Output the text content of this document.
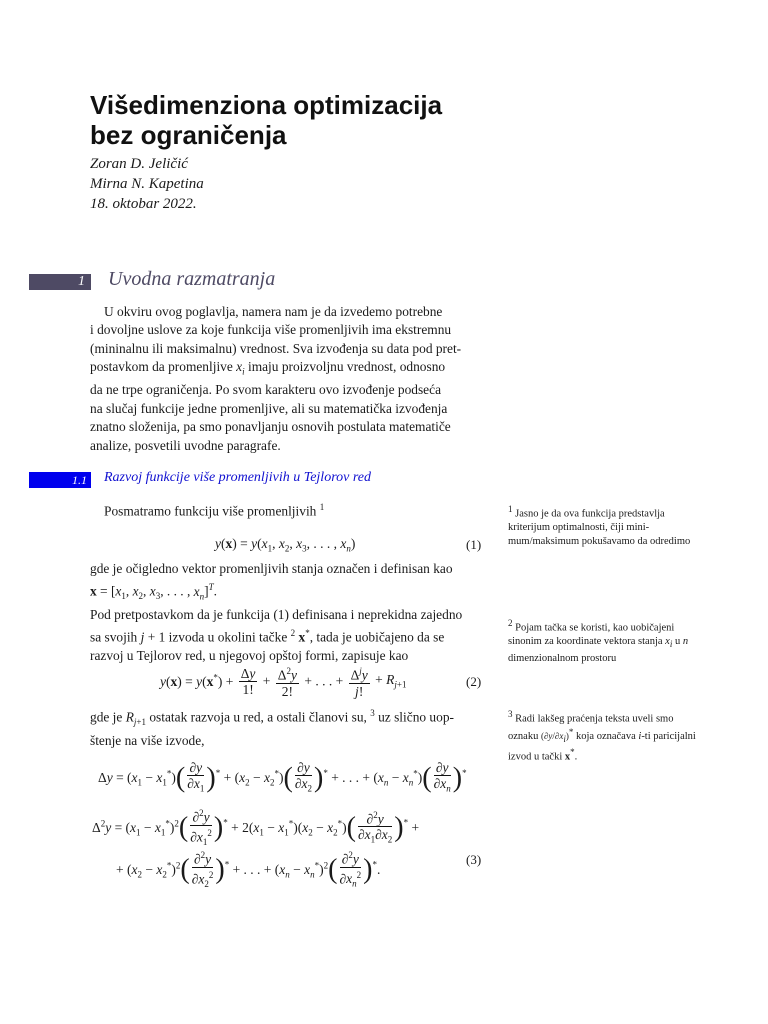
Višedimenziona optimizacija
bez ograničenja
Zoran D. Jeličić
Mirna N. Kapetina
18. oktobar 2022.
1	Uvodna razmatranja
U okviru ovog poglavlja, namera nam je da izvedemo potrebne
i dovoljne uslove za koje funkcija više promenljivih ima ekstremnu
(mininalnu ili maksimalnu) vrednost. Sva izvođenja su data pod pret-
postavkom da promenljive $x_i$ imaju proizvoljnu vrednost, odnosno
da ne trpe ograničenja. Po svom karakteru ovo izvođenje podseća
na slučaj funkcije jedne promenljive, ali su matematička izvođenja
znatno složenija, pa smo ponavljanju osnovih postulata matematiče
analize, posvetili uvodne paragrafe.
1.1 Razvoj funkcije više promenljivih u Tejlorov red
Posmatramo funkciju više promenljivih $^1$
$y(x) = y(x_1$, $x_2$, $x_3$, . . . , $x_n$)	(1)
gde je očigledno vektor promenljivih stanja označen i definisan kao
$x = [x_1$, $x_2$, $x_3$, . . . , $x_n]^T$.
Pod pretpostavkom da je funkcija (1) definisana i neprekidna zajedno
sa svojih j + 1 izvoda u okolini tačke $^2$ x*, tada je uobičajeno da se
razvoj u Tejlorov red, u njegovoj opštoj formi, zapisuje kao
$y(x) = y(x^*) + \frac{\Delta y}{1!} + \frac{\Delta^2y}{2!}$ + . . . + $\frac{\Delta^jy}{j!} + R_{j+1}$	(2)
gde je $R_{j+1}$ ostatak razvoja u red, a ostali članovi su, $^3$ uz slično uop-
štenje na više izvode,
$\Delta y = (x_1 - x_1^*)( \frac{\partial y}{\partial x_1} )^* + (x_2 - x_2^*)( \frac{\partial y}{\partial x_2} )^*$ + . . . + $(x_n - x_n^*)( \frac{\partial y}{\partial x_n} )^*$
$\Delta^2y = (x_1 - x_1^*)^2( \frac{\partial^2y}{\partial x_1^2} )^* + 2(x_1 - x_1^*)(x_2 - x_2^*)( \frac{\partial^2y}{\partial x_1\partial x_2} )^*$ +
+ $(x_2 - x_2^*)^2( \frac{\partial^2y}{\partial x_2^2} )^*$ + . . . + $(x_n - x_n^*)^2( \frac{\partial^2y}{\partial x_n^2} )^*$.
(3)
$^1$ Jasno je da ova funkcija predstavlja kriterijum optimalnosti, čiji mini-mum/maksimum pokušavamo da odredimo
$^2$ Pojam tačka se koristi, kao uobičajeni sinonim za koordinate vektora stanja $x_i$ u n dimenzionalnom prostoru
$^3$ Radi lakšeg praćenja teksta uveli smo oznaku $(\partial y/\partial x_i)^*$ koja označava i-ti paricijalni izvod u tački x*.
